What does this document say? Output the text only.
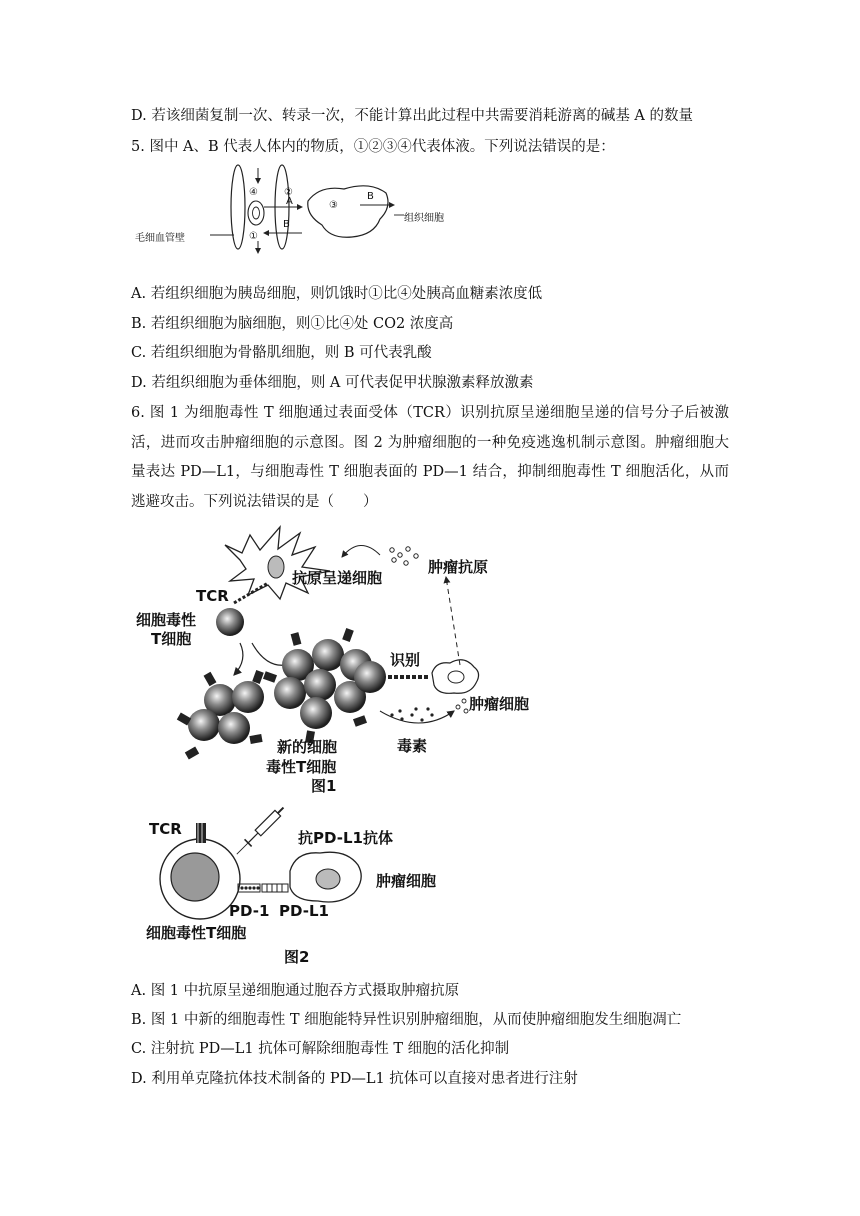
D. 若该细菌复制一次、转录一次，不能计算出此过程中共需要消耗游离的碱基 A 的数量
5. 图中 A、B 代表人体内的物质，①②③④代表体液。下列说法错误的是：
毛细血管壁
组织细胞
④	②
③
①
A
B
B
A. 若组织细胞为胰岛细胞，则饥饿时①比④处胰高血糖素浓度低
B. 若组织细胞为脑细胞，则①比④处 CO2 浓度高
C. 若组织细胞为骨骼肌细胞，则 B 可代表乳酸
D. 若组织细胞为垂体细胞，则 A 可代表促甲状腺激素释放激素
6. 图 1 为细胞毒性 T 细胞通过表面受体（TCR）识别抗原呈递细胞呈递的信号分子后被激
活，进而攻击肿瘤细胞的示意图。图 2 为肿瘤细胞的一种免疫逃逸机制示意图。肿瘤细胞大
量表达 PD—L1，与细胞毒性 T 细胞表面的 PD—1 结合，抑制细胞毒性 T 细胞活化，从而
逃避攻击。下列说法错误的是（　　）
抗原呈递细胞
肿瘤抗原
TCR
细胞毒性
T细胞
识别
肿瘤细胞
毒素
新的细胞
毒性T细胞
图1
TCR	抗PD-L1抗体
肿瘤细胞
PD-1 PD-L1
细胞毒性T细胞
图2
A. 图 1 中抗原呈递细胞通过胞吞方式摄取肿瘤抗原
B. 图 1 中新的细胞毒性 T 细胞能特异性识别肿瘤细胞，从而使肿瘤细胞发生细胞凋亡
C. 注射抗 PD—L1 抗体可解除细胞毒性 T 细胞的活化抑制
D. 利用单克隆抗体技术制备的 PD—L1 抗体可以直接对患者进行注射
